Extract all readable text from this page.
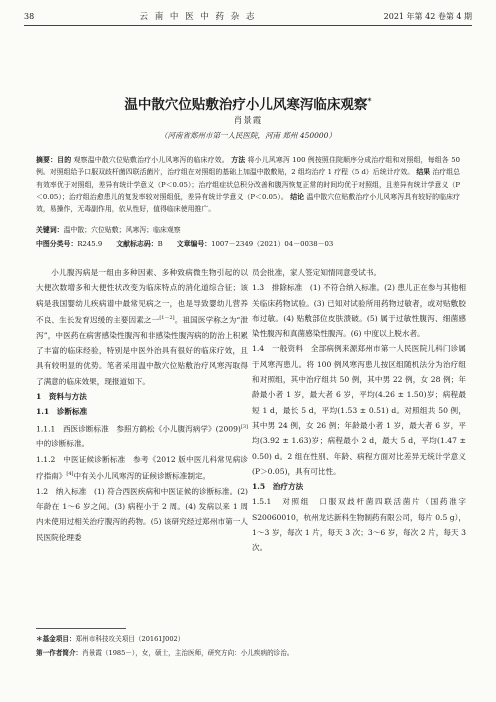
38	云 南 中 医 中 药 杂 志	2021 年第 42 卷第 4 期
温中散穴位贴敷治疗小儿风寒泻临床观察*
肖景霞
（河南省郑州市第一人民医院，河南 郑州 450000）
摘要：目的 观察温中散穴位贴敷治疗小儿风寒泻的临床疗效。 方法 将小儿风寒泻 100 例按照住院顺序分成治疗组和对照组，每组各 50 例。对照组给予口服双歧杆菌四联活菌片，治疗组在对照组的基础上加温中散敷贴，2 组均治疗 1 疗程（5 d）后统计疗效。 结果 治疗组总有效率优于对照组，差异有统计学意义（P＜0.05）；治疗组症状总积分改善和腹泻恢复正常的时间均优于对照组，且差异有统计学意义（P＜0.05）；治疗组治愈患儿的复发率较对照组低，差异有统计学意义（P＜0.05）。 结论 温中散穴位贴敷治疗小儿风寒泻具有较好的临床疗效，易操作，无毒副作用，依从性好，值得临床使用推广。
关键词：温中散；穴位贴敷；风寒泻；临床观察
中图分类号：R245.9 文献标志码：B 文章编号：1007－2349（2021）04－0038－03

小儿腹泻病是一组由多种因素、多种致病微生物引起的以大便次数增多和大便性状改变为临床特点的消化道综合征；该病是我国婴幼儿疾病谱中最常见病之一，也是导致婴幼儿营养不良、生长发育迟缓的主要因素之一[1－2]。祖国医学称之为“泄泻”，中医药在病害感染性腹泻和非感染性腹泻病的防治上积累了丰富的临床经验，特别是中医外治具有很好的临床疗效，且具有较明显的优势。笔者采用温中散穴位贴敷治疗风寒泻取得了满意的临床效果，现报道如下。

1　资料与方法

1.1　诊断标准

1.1.1　西医诊断标准　参照方鹤松《小儿腹泻病学》(2009)[3]中的诊断标准。

1.1.2　中医证候诊断标准　参考《2012 版中医儿科常见病诊疗指南》[4]中有关小儿风寒泻的证候诊断标准制定。

1.2　纳入标准　(1) 符合西医疾病和中医证候的诊断标准。(2) 年龄在 1～6 岁之间。(3) 病程小于 2 周。(4) 发病以来 1 周内未使用过相关治疗腹泻的药物。(5) 该研究经过郑州市第一人民医院伦理委

员会批准，家人签定知情同意受试书。

1.3　排除标准　(1) 不符合纳入标准。(2) 患儿正在参与其他相关临床药物试验。(3) 已知对试验所用药物过敏者，或对贴敷胶布过敏。(4) 贴敷部位皮肤溃破。(5) 属于过敏性腹泻、细菌感染性腹泻和真菌感染性腹泻。(6) 中度以上脱水者。

1.4　一般资料　全部病例来源郑州市第一人民医院儿科门诊属于风寒泻患儿。将 100 例风寒泻患儿按区组随机法分为治疗组和对照组，其中治疗组共 50 例，其中男 22 例，女 28 例；年龄最小者 1 岁，最大者 6 岁，平均(4.26 ± 1.50)岁；病程最短 1 d，最长 5 d，平均(1.53 ± 0.51) d。对照组共 50 例，其中男 24 例，女 26 例；年龄最小者 1 岁，最大者 6 岁，平均(3.92 ± 1.63)岁；病程最小 2 d，最大 5 d，平均(1.47 ± 0.50) d。2 组在性别、年龄、病程方面对比差异无统计学意义(P＞0.05)，具有可比性。

1.5　治疗方法

1.5.1　对照组　口服双歧杆菌四联活菌片（国药准字 S20060010，杭州龙达新科生物制药有限公司，每片 0.5 g），1～3 岁，每次 1 片，每天 3 次；3～6 岁，每次 2 片，每天 3 次。

＊基金项目：郑州市科技攻关项目（20161J002）
第一作者简介：肖景霞（1985－），女，硕士，主治医师，研究方向：小儿疾病的诊治。
